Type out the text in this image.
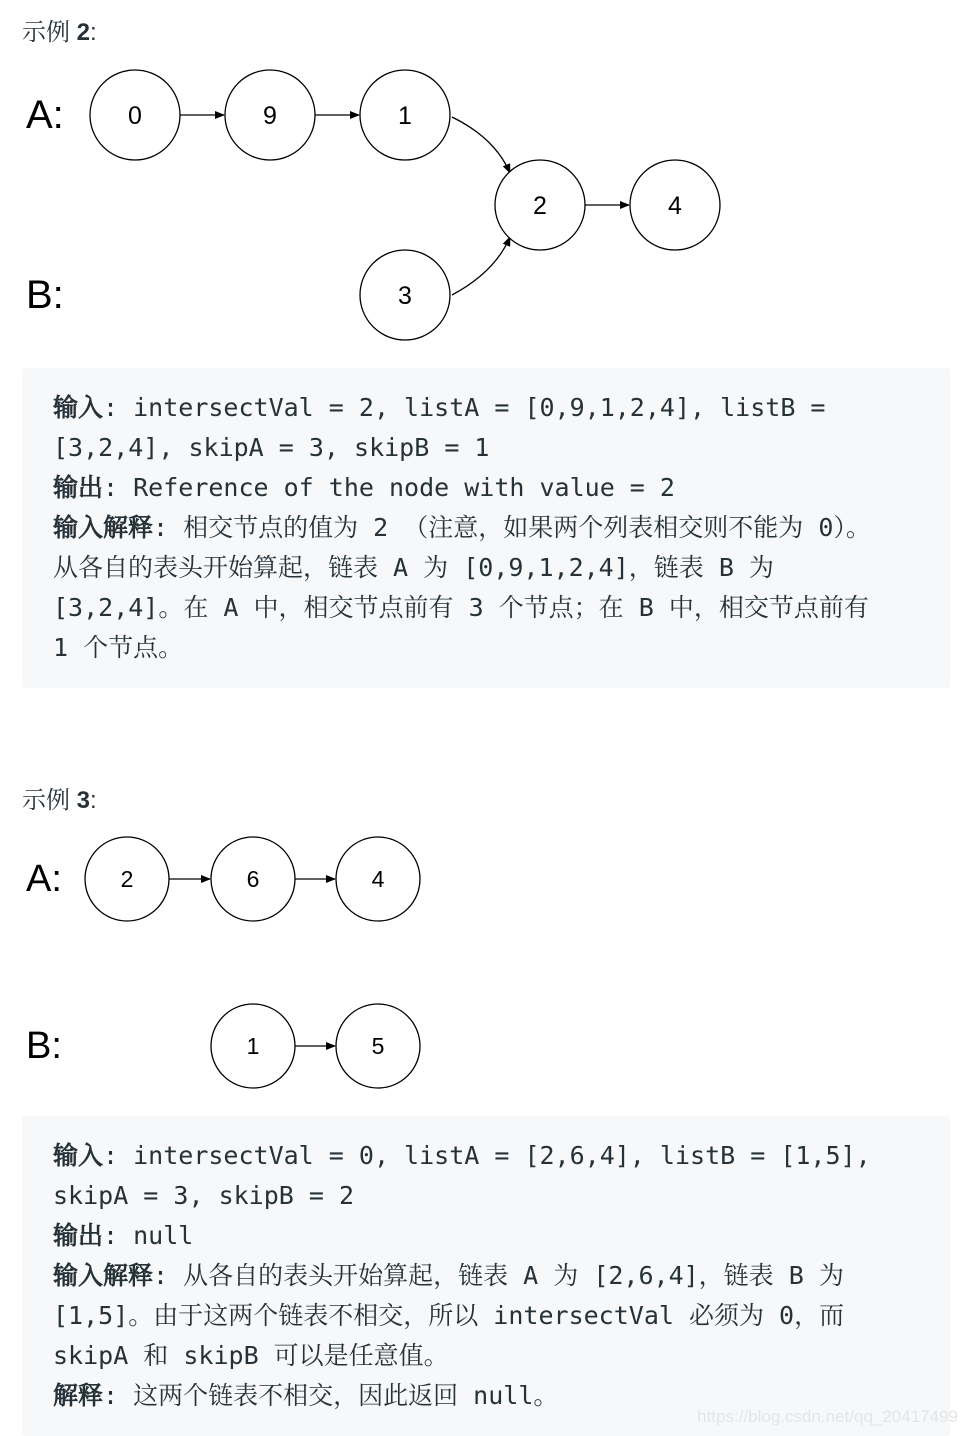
示例 2:
A:
B:
0	9	1
2	4
3
输入: intersectVal = 2, listA = [0,9,1,2,4], listB =
[3,2,4], skipA = 3, skipB = 1
输出: Reference of the node with value = 2
输入解释: 相交节点的值为 2 （注意，如果两个列表相交则不能为 0）。
从各自的表头开始算起，链表 A 为 [0,9,1,2,4]，链表 B 为
[3,2,4]。在 A 中，相交节点前有 3 个节点；在 B 中，相交节点前有
1 个节点。
示例 3:
A:
B:
2	6	4
1	5
输入: intersectVal = 0, listA = [2,6,4], listB = [1,5],
skipA = 3, skipB = 2
输出: null
输入解释: 从各自的表头开始算起，链表 A 为 [2,6,4]，链表 B 为
[1,5]。由于这两个链表不相交，所以 intersectVal 必须为 0，而
skipA 和 skipB 可以是任意值。
解释: 这两个链表不相交，因此返回 null。
https://blog.csdn.net/qq_20417499
